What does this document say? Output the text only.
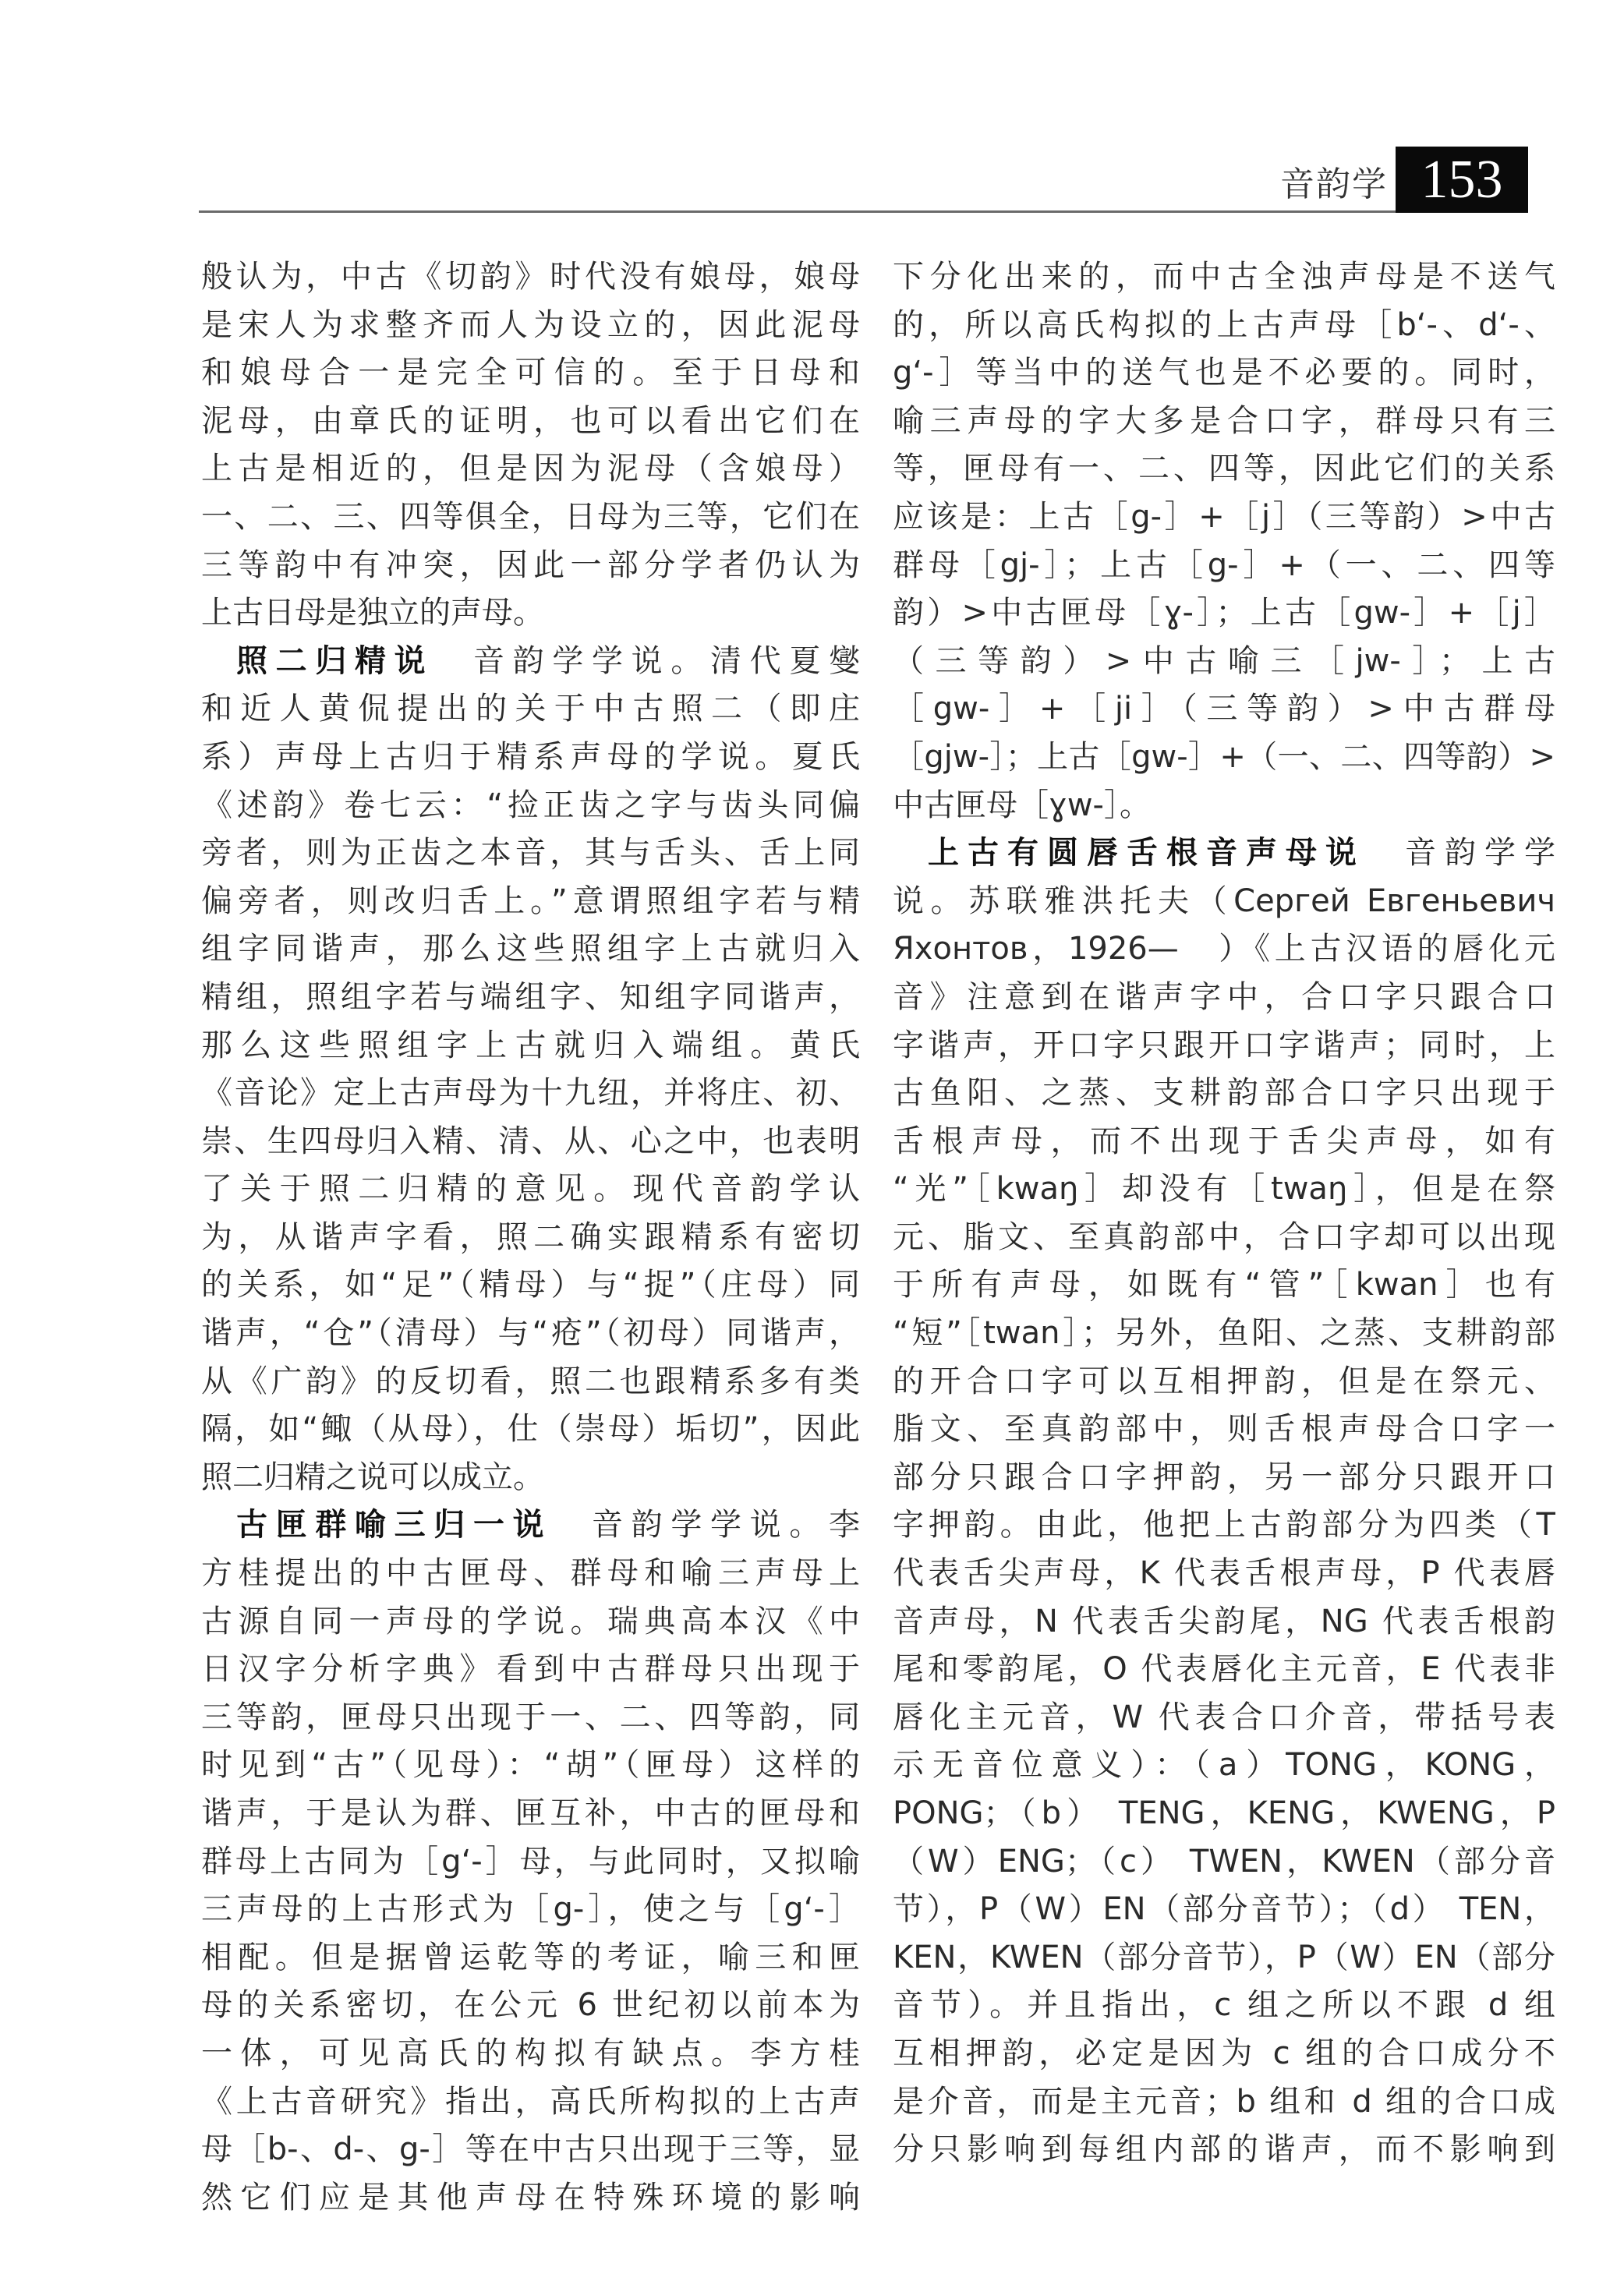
音韵学 153
般认为，中古《切韵》时代没有娘母，娘母
是宋人为求整齐而人为设立的，因此泥母
和娘母合一是完全可信的。至于日母和
泥母，由章氏的证明，也可以看出它们在
上古是相近的，但是因为泥母（含娘母）
一、二、三、四等俱全，日母为三等，它们在
三等韵中有冲突，因此一部分学者仍认为
上古日母是独立的声母。
照二归精说　音韵学学说。清代夏燮
和近人黄侃提出的关于中古照二（即庄
系）声母上古归于精系声母的学说。夏氏
《述韵》卷七云：“捡正齿之字与齿头同偏
旁者，则为正齿之本音，其与舌头、舌上同
偏旁者，则改归舌上。”意谓照组字若与精
组字同谐声，那么这些照组字上古就归入
精组，照组字若与端组字、知组字同谐声，
那么这些照组字上古就归入端组。黄氏
《音论》定上古声母为十九纽，并将庄、初、
崇、生四母归入精、清、从、心之中，也表明
了关于照二归精的意见。现代音韵学认
为，从谐声字看，照二确实跟精系有密切
的关系，如“足”（精母）与“捉”（庄母）同
谐声，“仓”（清母）与“疮”（初母）同谐声，
从《广韵》的反切看，照二也跟精系多有类
隔，如“鲰（从母），仕（崇母）垢切”，因此
照二归精之说可以成立。
古匣群喻三归一说　音韵学学说。李
方桂提出的中古匣母、群母和喻三声母上
古源自同一声母的学说。瑞典高本汉《中
日汉字分析字典》看到中古群母只出现于
三等韵，匣母只出现于一、二、四等韵，同
时见到“古”（见母）：“胡”（匣母）这样的
谐声，于是认为群、匣互补，中古的匣母和
群母上古同为［gʻ-］母，与此同时，又拟喻
三声母的上古形式为［g-］，使之与［gʻ-］
相配。但是据曾运乾等的考证，喻三和匣
母的关系密切，在公元 6 世纪初以前本为
一体，可见高氏的构拟有缺点。李方桂
《上古音研究》指出，高氏所构拟的上古声
母［b-、d-、g-］等在中古只出现于三等，显
然它们应是其他声母在特殊环境的影响
下分化出来的，而中古全浊声母是不送气
的，所以高氏构拟的上古声母［bʻ-、dʻ-、
gʻ-］等当中的送气也是不必要的。同时，
喻三声母的字大多是合口字，群母只有三
等，匣母有一、二、四等，因此它们的关系
应该是：上古［g-］+［j］（三等韵）>中古
群母［gj-］；上古［g-］+（一、二、四等
韵）>中古匣母［ɣ-］；上古［gw-］+［j］
（三等韵）>中古喻三［jw-］；上古
［gw-］+［ji］（三等韵）>中古群母
［gjw-］；上古［gw-］+（一、二、四等韵）>
中古匣母［ɣw-］。
上古有圆唇舌根音声母说　音韵学学
说。苏联雅洪托夫（Сергей Евгеньевич
Яхонтов，1926—　）《上古汉语的唇化元
音》注意到在谐声字中，合口字只跟合口
字谐声，开口字只跟开口字谐声；同时，上
古鱼阳、之蒸、支耕韵部合口字只出现于
舌根声母，而不出现于舌尖声母，如有
“光”［kwaŋ］却没有［twaŋ］，但是在祭
元、脂文、至真韵部中，合口字却可以出现
于所有声母，如既有“管”［kwan］也有
“短”［twan］；另外，鱼阳、之蒸、支耕韵部
的开合口字可以互相押韵，但是在祭元、
脂文、至真韵部中，则舌根声母合口字一
部分只跟合口字押韵，另一部分只跟开口
字押韵。由此，他把上古韵部分为四类（T
代表舌尖声母，K 代表舌根声母，P 代表唇
音声母，N 代表舌尖韵尾，NG 代表舌根韵
尾和零韵尾，O 代表唇化主元音，E 代表非
唇化主元音，W 代表合口介音，带括号表
示无音位意义）：（a）TONG，KONG，
PONG；（b） TENG，KENG，KWENG，P
（W）ENG；（c） TWEN，KWEN（部分音
节），P（W）EN（部分音节）；（d） TEN，
KEN，KWEN（部分音节），P（W）EN（部分
音节）。并且指出，c 组之所以不跟 d 组
互相押韵，必定是因为 c 组的合口成分不
是介音，而是主元音；b 组和 d 组的合口成
分只影响到每组内部的谐声，而不影响到
